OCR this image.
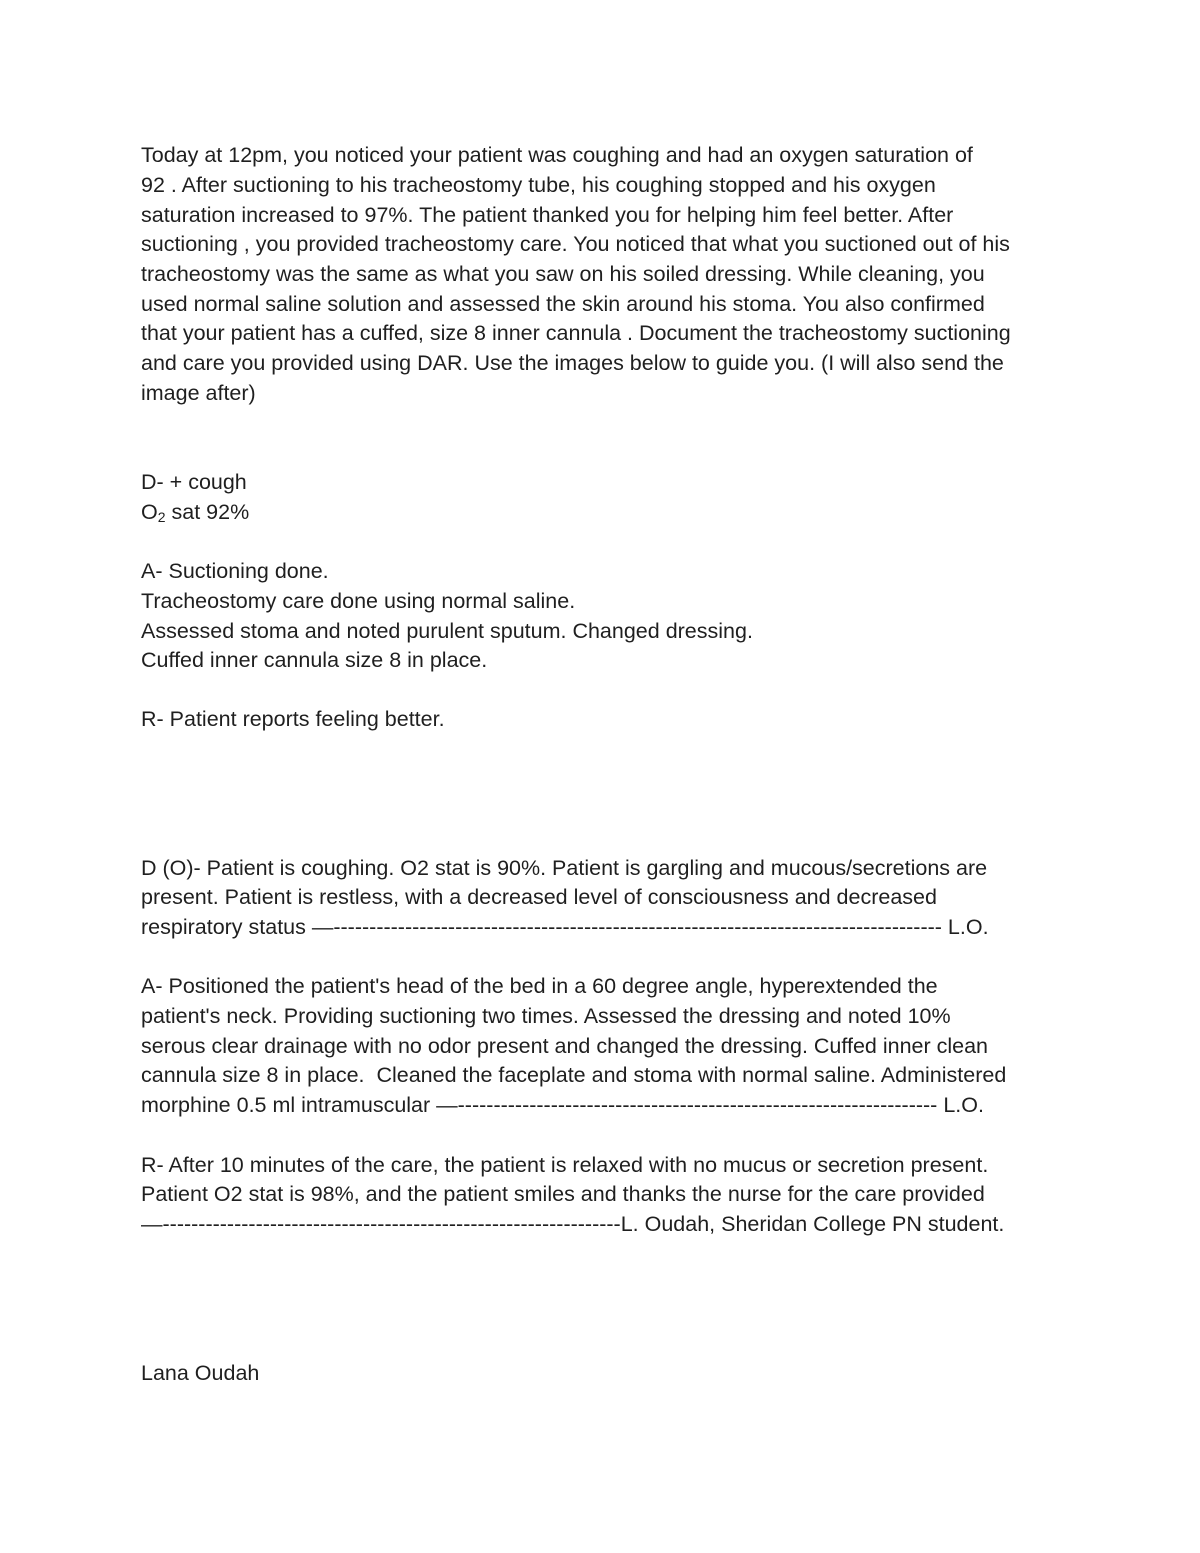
Today at 12pm, you noticed your patient was coughing and had an oxygen saturation of

92 . After suctioning to his tracheostomy tube, his coughing stopped and his oxygen

saturation increased to 97%. The patient thanked you for helping him feel better. After

suctioning , you provided tracheostomy care. You noticed that what you suctioned out of his

tracheostomy was the same as what you saw on his soiled dressing. While cleaning, you

used normal saline solution and assessed the skin around his stoma. You also confirmed

that your patient has a cuffed, size 8 inner cannula . Document the tracheostomy suctioning

and care you provided using DAR. Use the images below to guide you. (I will also send the

image after)

D- + cough

O2 sat 92%

A- Suctioning done.

Tracheostomy care done using normal saline.

Assessed stoma and noted purulent sputum. Changed dressing.

Cuffed inner cannula size 8 in place.

R- Patient reports feeling better.

D (O)- Patient is coughing. O2 stat is 90%. Patient is gargling and mucous/secretions are

present. Patient is restless, with a decreased level of consciousness and decreased

respiratory status —------------------------------------------------------------------------------------- L.O.

A- Positioned the patient's head of the bed in a 60 degree angle, hyperextended the

patient's neck. Providing suctioning two times. Assessed the dressing and noted 10%

serous clear drainage with no odor present and changed the dressing. Cuffed inner clean

cannula size 8 in place.  Cleaned the faceplate and stoma with normal saline. Administered

morphine 0.5 ml intramuscular —------------------------------------------------------------------- L.O.

R- After 10 minutes of the care, the patient is relaxed with no mucus or secretion present.

Patient O2 stat is 98%, and the patient smiles and thanks the nurse for the care provided

—----------------------------------------------------------------L. Oudah, Sheridan College PN student.

Lana Oudah
